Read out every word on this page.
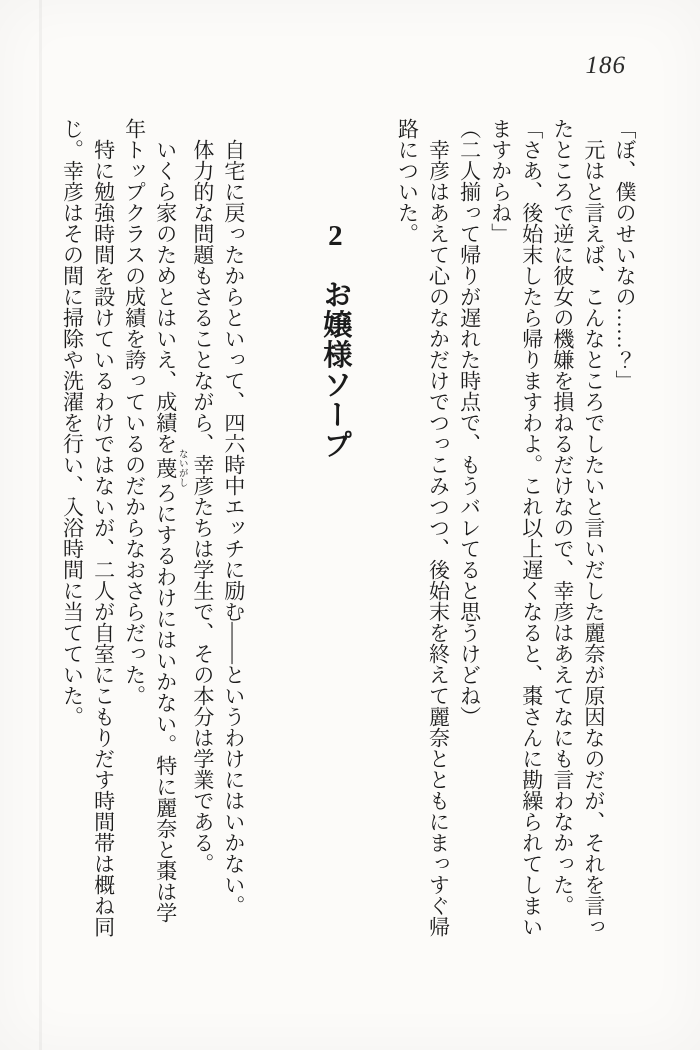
186

「ぼ、僕のせいなの……？」

元はと言えば、こんなところでしたいと言いだした麗奈が原因なのだが、それを言ったところで逆に彼女の機嫌を損ねるだけなので、幸彦はあえてなにも言わなかった。

「さあ、後始末したら帰りますわよ。これ以上遅くなると、棗さんに勘繰られてしまいますからね」

（二人揃って帰りが遅れた時点で、もうバレてると思うけどね）

幸彦はあえて心のなかだけでつっこみつつ、後始末を終えて麗奈とともにまっすぐ帰路についた。

2 お嬢様ソープ

自宅に戻ったからといって、四六時中エッチに励む——というわけにはいかない。

体力的な問題もさることながら、幸彦たちは学生で、その本分は学業である。

いくら家のためとはいえ、成績を蔑 ないがしろにするわけにはいかない。特に麗奈と棗は学年トップクラスの成績を誇っているのだからなおさらだった。

特に勉強時間を設けているわけではないが、二人が自室にこもりだす時間帯は概ね同じ。幸彦はその間に掃除や洗濯を行い、入浴時間に当てていた。
